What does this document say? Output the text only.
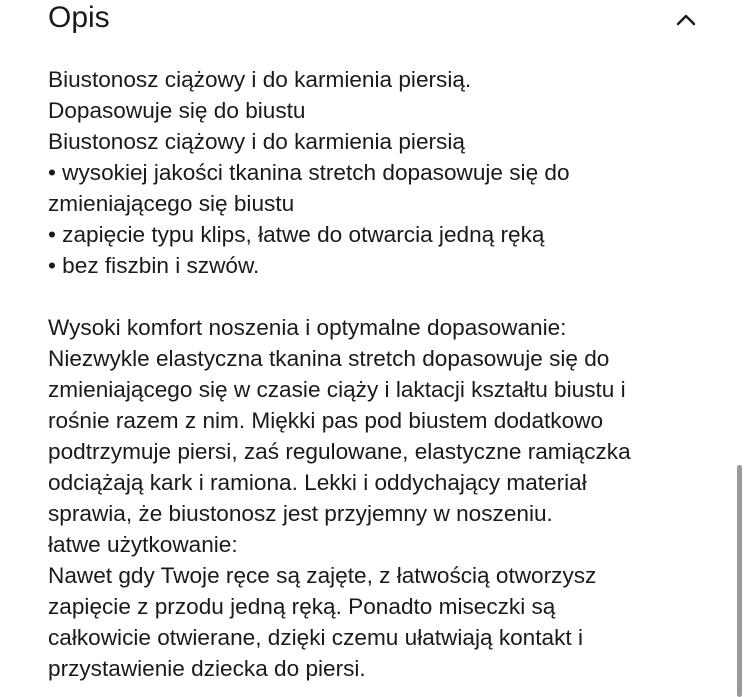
Opis
Biustonosz ciążowy i do karmienia piersią.
Dopasowuje się do biustu
Biustonosz ciążowy i do karmienia piersią
• wysokiej jakości tkanina stretch dopasowuje się do
zmieniającego się biustu
• zapięcie typu klips, łatwe do otwarcia jedną ręką
• bez fiszbin i szwów.
Wysoki komfort noszenia i optymalne dopasowanie:
Niezwykle elastyczna tkanina stretch dopasowuje się do
zmieniającego się w czasie ciąży i laktacji kształtu biustu i
rośnie razem z nim. Miękki pas pod biustem dodatkowo
podtrzymuje piersi, zaś regulowane, elastyczne ramiączka
odciążają kark i ramiona. Lekki i oddychający materiał
sprawia, że biustonosz jest przyjemny w noszeniu.
łatwe użytkowanie:
Nawet gdy Twoje ręce są zajęte, z łatwością otworzysz
zapięcie z przodu jedną ręką. Ponadto miseczki są
całkowicie otwierane, dzięki czemu ułatwiają kontakt i
przystawienie dziecka do piersi.
